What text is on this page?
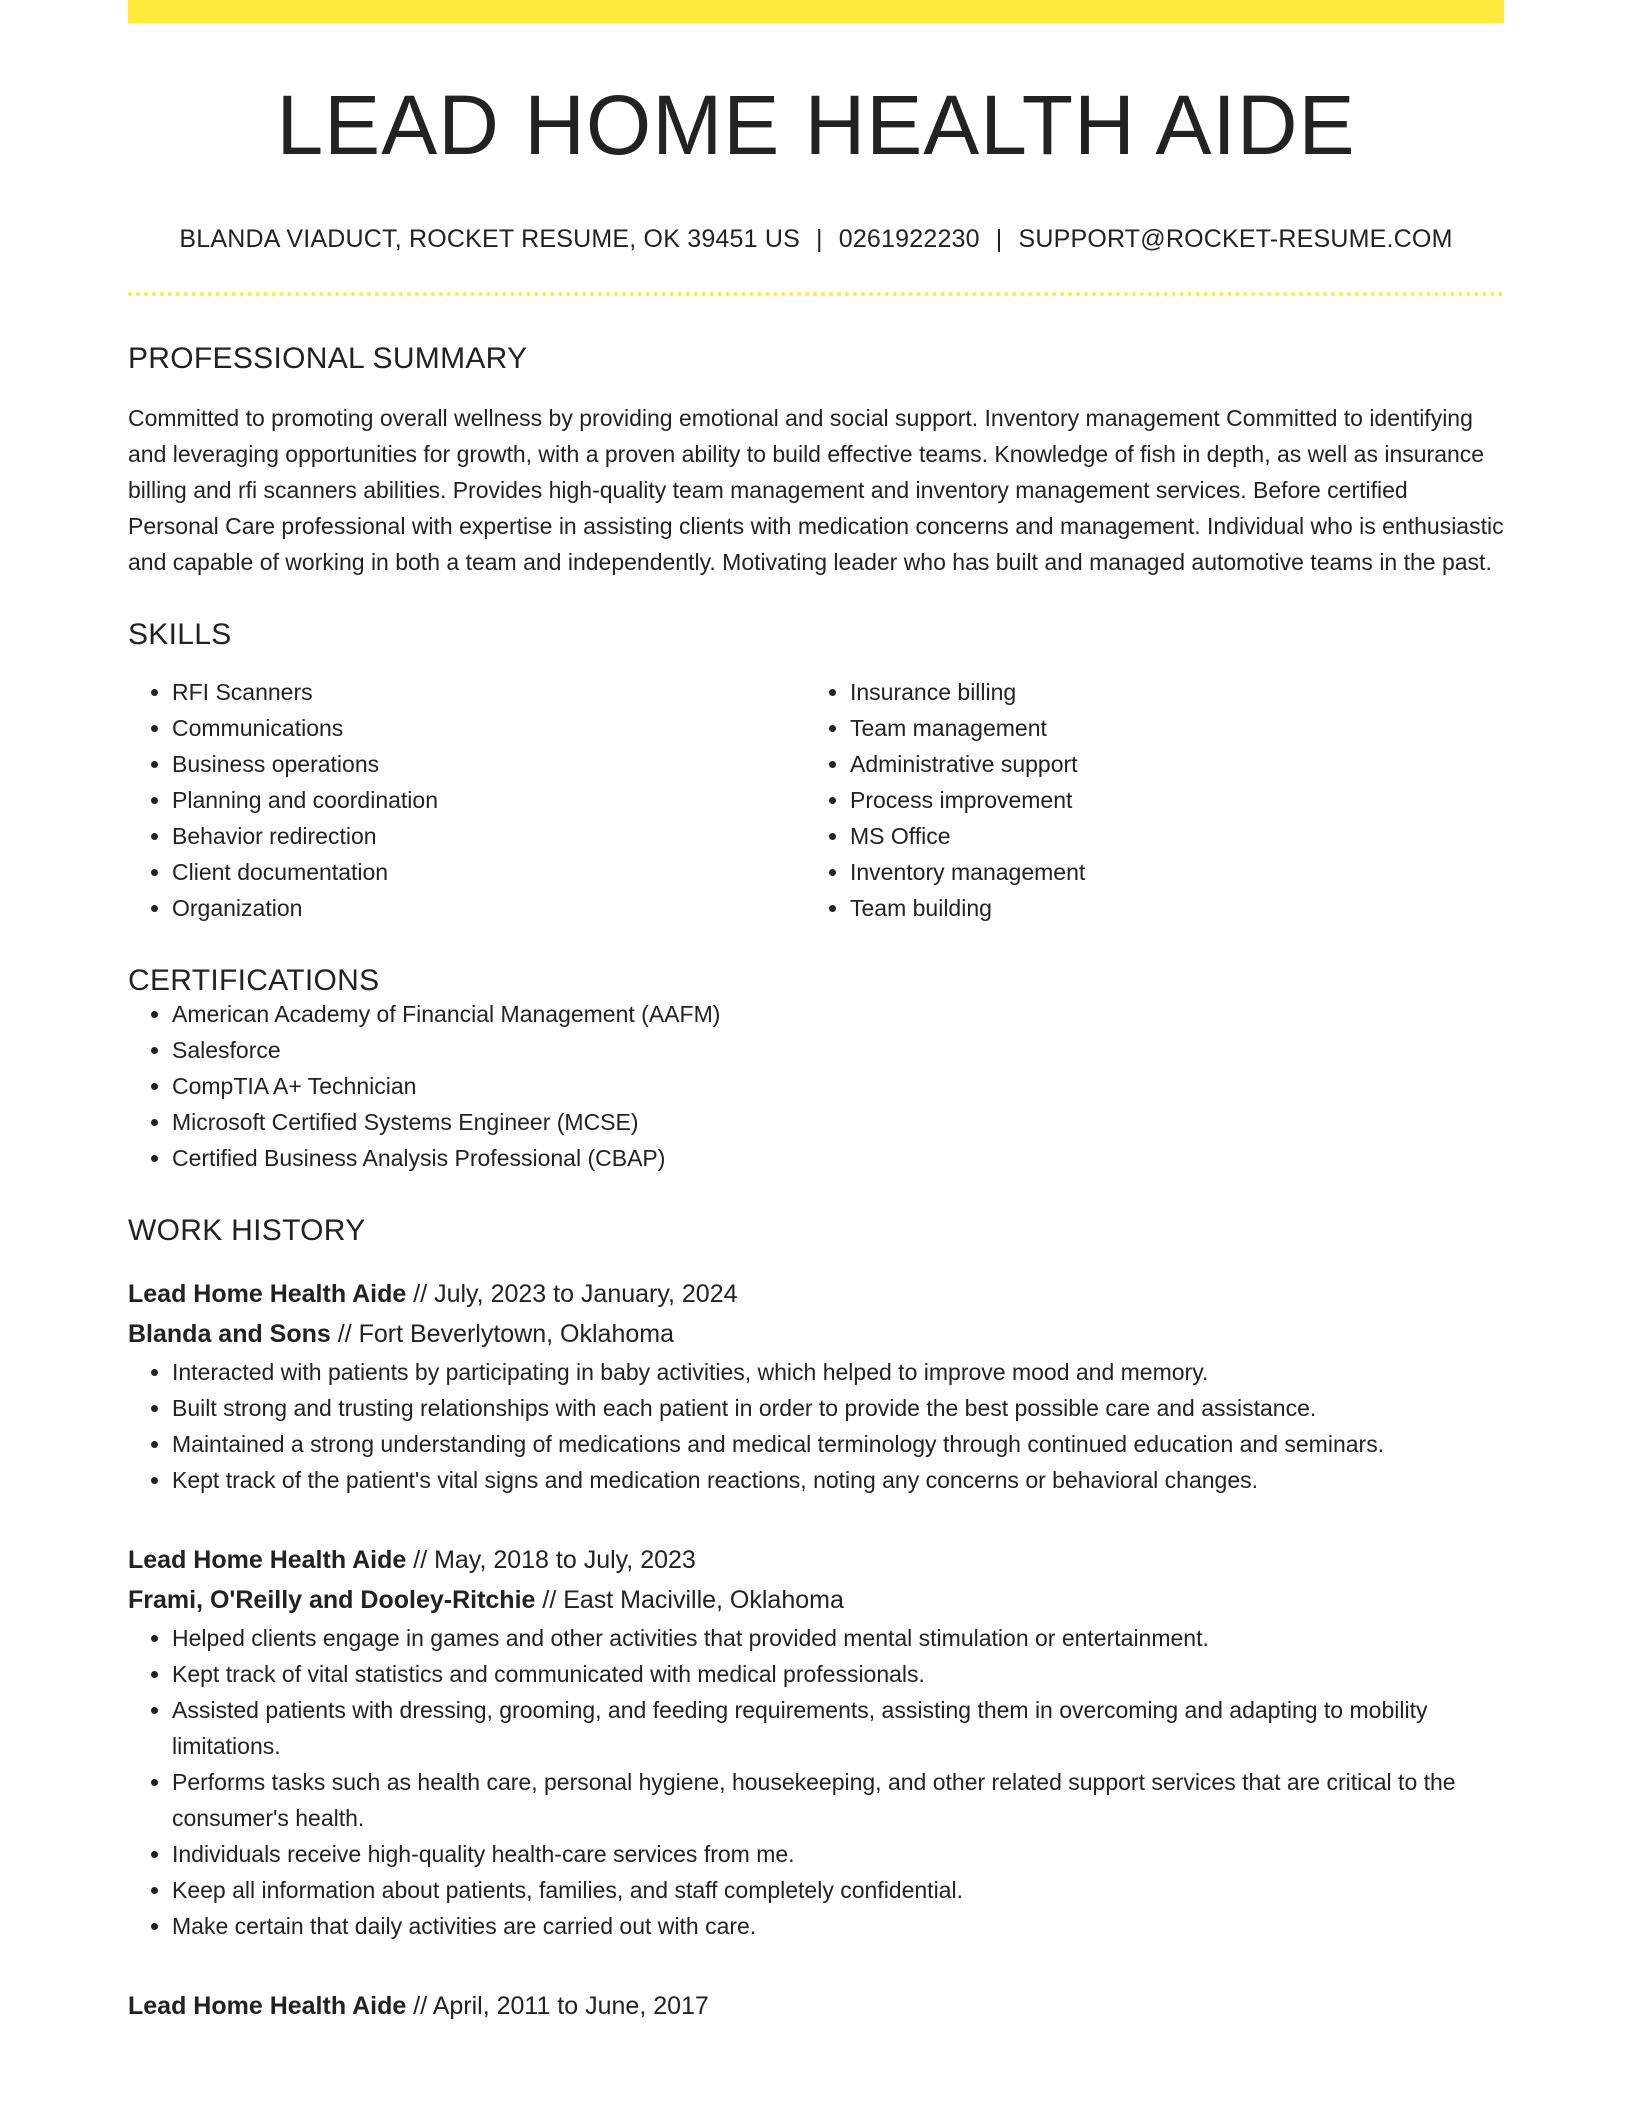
LEAD HOME HEALTH AIDE
BLANDA VIADUCT, ROCKET RESUME, OK 39451 US | 0261922230 | SUPPORT@ROCKET-RESUME.COM
PROFESSIONAL SUMMARY
Committed to promoting overall wellness by providing emotional and social support. Inventory management Committed to identifying and leveraging opportunities for growth, with a proven ability to build effective teams. Knowledge of fish in depth, as well as insurance billing and rfi scanners abilities. Provides high-quality team management and inventory management services. Before certified Personal Care professional with expertise in assisting clients with medication concerns and management. Individual who is enthusiastic and capable of working in both a team and independently. Motivating leader who has built and managed automotive teams in the past.
SKILLS
• RFI Scanners
• Communications
• Business operations
• Planning and coordination
• Behavior redirection
• Client documentation
• Organization
• Insurance billing
• Team management
• Administrative support
• Process improvement
• MS Office
• Inventory management
• Team building
CERTIFICATIONS
• American Academy of Financial Management (AAFM)
• Salesforce
• CompTIA A+ Technician
• Microsoft Certified Systems Engineer (MCSE)
• Certified Business Analysis Professional (CBAP)
WORK HISTORY
Lead Home Health Aide // July, 2023 to January, 2024
Blanda and Sons // Fort Beverlytown, Oklahoma
• Interacted with patients by participating in baby activities, which helped to improve mood and memory.
• Built strong and trusting relationships with each patient in order to provide the best possible care and assistance.
• Maintained a strong understanding of medications and medical terminology through continued education and seminars.
• Kept track of the patient's vital signs and medication reactions, noting any concerns or behavioral changes.
Lead Home Health Aide // May, 2018 to July, 2023
Frami, O'Reilly and Dooley-Ritchie // East Maciville, Oklahoma
• Helped clients engage in games and other activities that provided mental stimulation or entertainment.
• Kept track of vital statistics and communicated with medical professionals.
• Assisted patients with dressing, grooming, and feeding requirements, assisting them in overcoming and adapting to mobility limitations.
• Performs tasks such as health care, personal hygiene, housekeeping, and other related support services that are critical to the consumer's health.
• Individuals receive high-quality health-care services from me.
• Keep all information about patients, families, and staff completely confidential.
• Make certain that daily activities are carried out with care.
Lead Home Health Aide // April, 2011 to June, 2017
